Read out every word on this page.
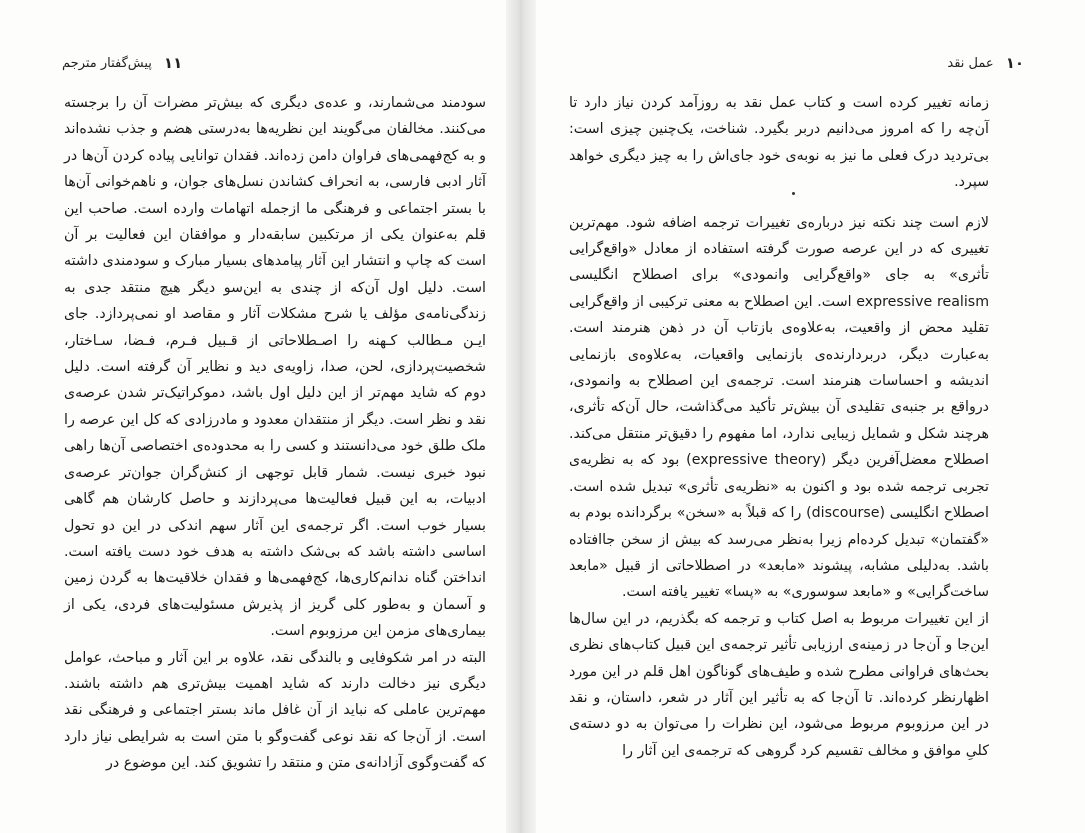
پیش‌گفتار مترجم ۱۱

سودمند می‌شمارند، و عده‌ی دیگری که بیش‌تر مضرات آن را برجسته می‌کنند. مخالفان می‌گویند این نظریه‌ها به‌درستی هضم و جذب نشده‌اند و به کج‌فهمی‌های فراوان دامن زده‌اند. فقدان توانایی پیاده کردن آن‌ها در آثار ادبی فارسی، به انحراف کشاندن نسل‌های جوان، و ناهم‌خوانی آن‌ها با بستر اجتماعی و فرهنگی ما ازجمله اتهامات وارده است. صاحب این قلم به‌عنوان یکی از مرتکبین سابقه‌دار و موافقان این فعالیت بر آن است که چاپ و انتشار این آثار پیامدهای بسیار مبارک و سودمندی داشته است. دلیل اول آن‌که از چندی به این‌سو دیگر هیچ منتقد جدی به زندگی‌نامه‌ی مؤلف یا شرح مشکلات آثار و مقاصد او نمی‌پردازد. جای ایـن مـطالب کـهنه را اصـطلاحاتی از قـبیل فـرم، فـضا، سـاختار، شخصیت‌پردازی، لحن، صدا، زاویه‌ی دید و نظایر آن گرفته است. دلیل دوم که شاید مهم‌تر از این دلیل اول باشد، دموکراتیک‌تر شدن عرصه‌ی نقد و نظر است. دیگر از منتقدان معدود و مادرزادی که کل این عرصه را ملک طلق خود می‌دانستند و کسی را به محدوده‌ی اختصاصی آن‌ها راهی نبود خبری نیست. شمار قابل توجهی از کنش‌گران جوان‌تر عرصه‌ی ادبیات، به این قبیل فعالیت‌ها می‌پردازند و حاصل کارشان هم گاهی بسیار خوب است. اگر ترجمه‌ی این آثار سهم اندکی در این دو تحول اساسی داشته باشد که بی‌شک داشته به هدف خود دست یافته است. انداختن گناه ندانم‌کاری‌ها، کج‌فهمی‌ها و فقدان خلاقیت‌ها به گردن زمین و آسمان و به‌طور کلی گریز از پذیرش مسئولیت‌های فردی، یکی از بیماری‌های مزمن این مرزوبوم است.

البته در امر شکوفایی و بالندگی نقد، علاوه بر این آثار و مباحث، عوامل دیگری نیز دخالت دارند که شاید اهمیت بیش‌تری هم داشته باشند. مهم‌ترین عاملی که نباید از آن غافل ماند بستر اجتماعی و فرهنگی نقد است. از آن‌جا که نقد نوعی گفت‌وگو با متن است به شرایطی نیاز دارد که گفت‌وگوی آزادانه‌ی متن و منتقد را تشویق کند. این موضوع در

۱۰
عمل نقد

زمانه تغییر کرده است و کتاب عمل نقد به روزآمد کردن نیاز دارد تا آن‌چه را که امروز می‌دانیم دربر بگیرد. شناخت، یک‌چنین چیزی است: بی‌تردید درک فعلی ما نیز به نوبه‌ی خود جای‌اش را به چیز دیگری خواهد سپرد.

لازم است چند نکته نیز درباره‌ی تغییرات ترجمه اضافه شود. مهم‌ترین تغییری که در این عرصه صورت گرفته استفاده از معادل «واقع‌گرایی تأثری» به جای «واقع‌گرایی وانمودی» برای اصطلاح انگلیسی expressive realism است. این اصطلاح به معنی ترکیبی از واقع‌گرایی تقلید محض از واقعیت، به‌علاوه‌ی بازتاب آن در ذهن هنرمند است. به‌عبارت دیگر، دربردارنده‌ی بازنمایی واقعیات، به‌علاوه‌ی بازنمایی اندیشه و احساسات هنرمند است. ترجمه‌ی این اصطلاح به وانمودی، درواقع بر جنبه‌ی تقلیدی آن بیش‌تر تأکید می‌گذاشت، حال آن‌که تأثری، هرچند شکل و شمایل زیبایی ندارد، اما مفهوم را دقیق‌تر منتقل می‌کند. اصطلاح معضل‌آفرین دیگر (expressive theory) بود که به نظریه‌ی تجربی ترجمه شده بود و اکنون به «نظریه‌ی تأثری» تبدیل شده است. اصطلاح انگلیسی (discourse) را که قبلاً به «سخن» برگردانده بودم به «گفتمان» تبدیل کرده‌ام زیرا به‌نظر می‌رسد که بیش از سخن جاافتاده باشد. به‌دلیلی مشابه، پیشوند «مابعد» در اصطلاحاتی از قبیل «مابعد ساخت‌گرایی» و «مابعد سوسوری» به «پسا» تغییر یافته است.

از این تغییرات مربوط به اصل کتاب و ترجمه که بگذریم، در این سال‌ها این‌جا و آن‌جا در زمینه‌ی ارزیابی تأثیر ترجمه‌ی این قبیل کتاب‌های نظری بحث‌های فراوانی مطرح شده و طیف‌های گوناگون اهل قلم در این مورد اظهارنظر کرده‌اند. تا آن‌جا که به تأثیر این آثار در شعر، داستان، و نقد در این مرزوبوم مربوط می‌شود، این نظرات را می‌توان به دو دسته‌ی کلیِ موافق و مخالف تقسیم کرد گروهی که ترجمه‌ی این آثار را
